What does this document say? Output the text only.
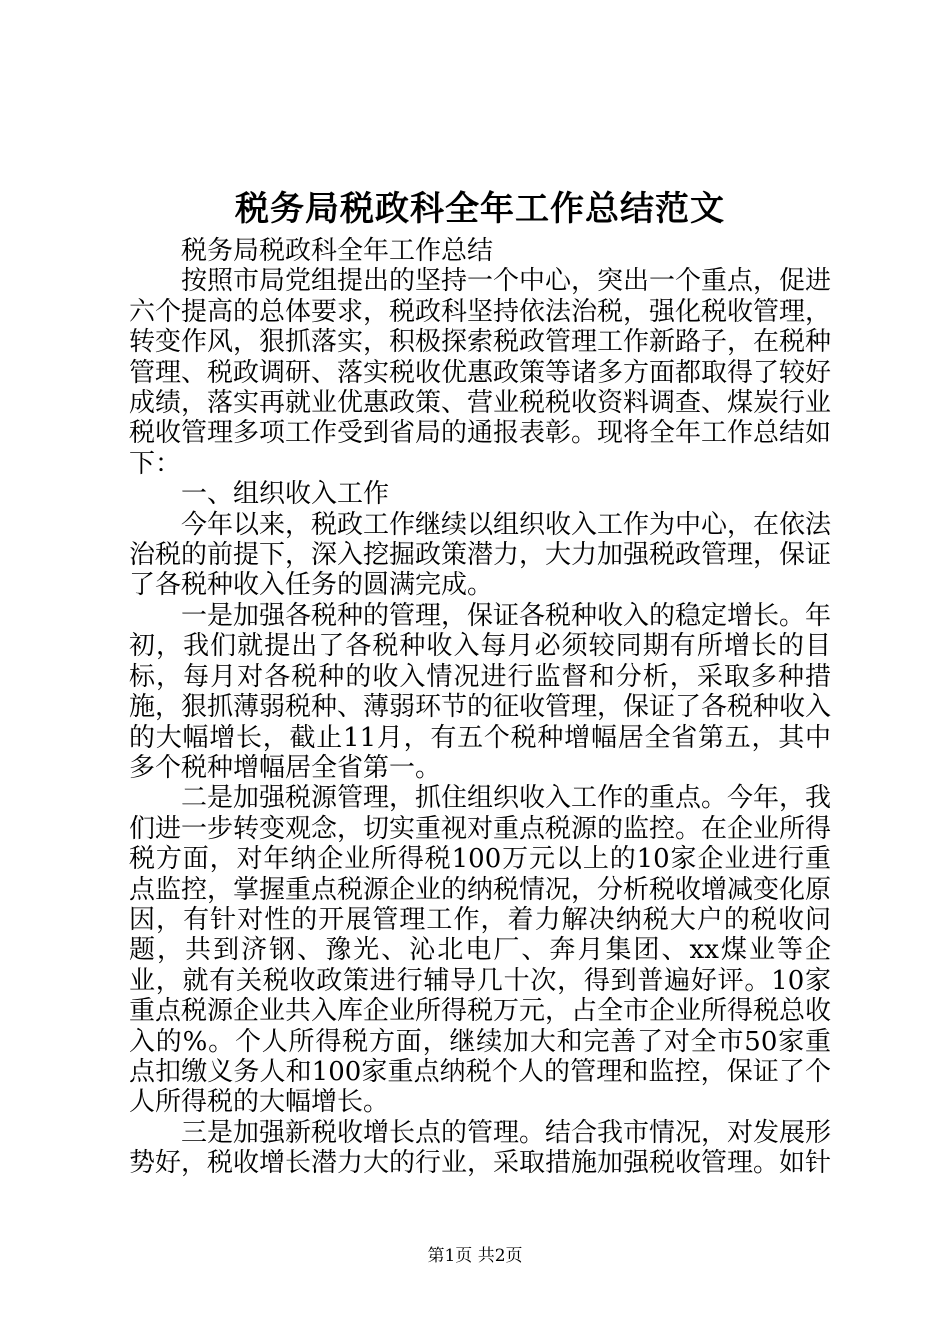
税务局税政科全年工作总结范文

税务局税政科全年工作总结

按照市局党组提出的坚持一个中心，突出一个重点，促进六个提高的总体要求，税政科坚持依法治税，强化税收管理，转变作风，狠抓落实，积极探索税政管理工作新路子，在税种管理、税政调研、落实税收优惠政策等诸多方面都取得了较好成绩，落实再就业优惠政策、营业税税收资料调查、煤炭行业税收管理多项工作受到省局的通报表彰。现将全年工作总结如下：

一、组织收入工作

今年以来，税政工作继续以组织收入工作为中心，在依法治税的前提下，深入挖掘政策潜力，大力加强税政管理，保证了各税种收入任务的圆满完成。

一是加强各税种的管理，保证各税种收入的稳定增长。年初，我们就提出了各税种收入每月必须较同期有所增长的目标，每月对各税种的收入情况进行监督和分析，采取多种措施，狠抓薄弱税种、薄弱环节的征收管理，保证了各税种收入的大幅增长，截止11月，有五个税种增幅居全省第五，其中多个税种增幅居全省第一。

二是加强税源管理，抓住组织收入工作的重点。今年，我们进一步转变观念，切实重视对重点税源的监控。在企业所得税方面，对年纳企业所得税100万元以上的10家企业进行重点监控，掌握重点税源企业的纳税情况，分析税收增减变化原因，有针对性的开展管理工作，着力解决纳税大户的税收问题，共到济钢、豫光、沁北电厂、奔月集团、xx煤业等企业，就有关税收政策进行辅导几十次，得到普遍好评。10家重点税源企业共入库企业所得税万元，占全市企业所得税总收入的%。个人所得税方面，继续加大和完善了对全市50家重点扣缴义务人和100家重点纳税个人的管理和监控，保证了个人所得税的大幅增长。

三是加强新税收增长点的管理。结合我市情况，对发展形势好，税收增长潜力大的行业，采取措施加强税收管理。如针

第1页 共2页
